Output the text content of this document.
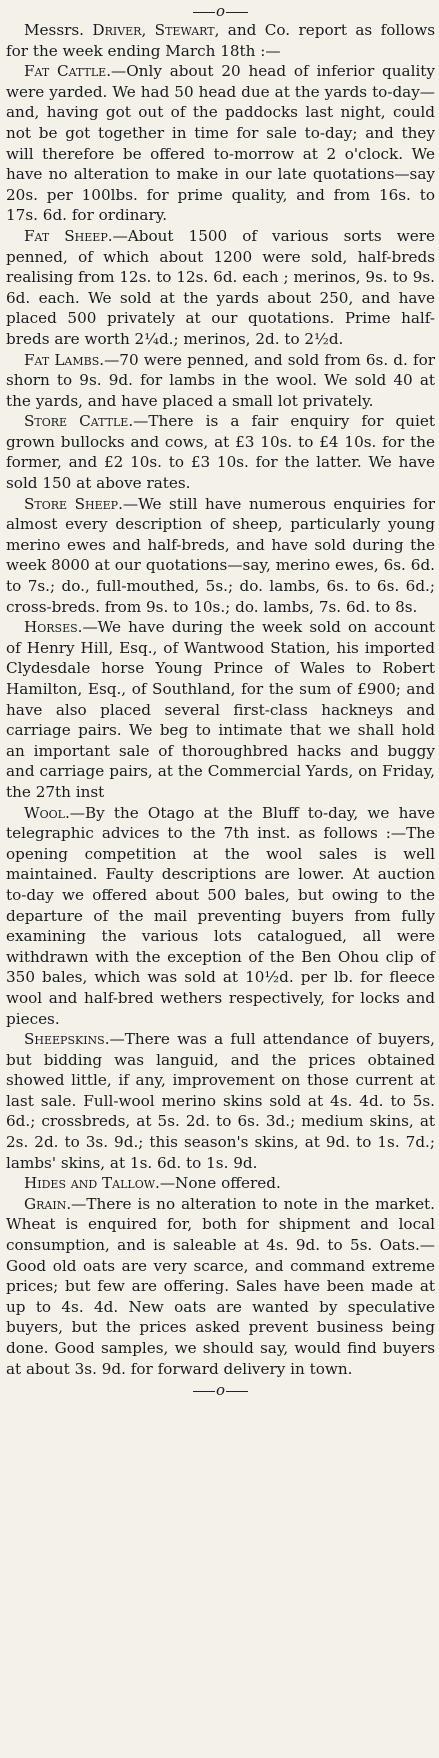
o

Messrs. Driver, Stewart, and Co. report as follows for the week ending March 18th :—

Fat Cattle.—Only about 20 head of inferior quality were yarded. We had 50 head due at the yards to-day—and, having got out of the paddocks last night, could not be got together in time for sale to-day; and they will therefore be offered to-morrow at 2 o'clock. We have no alteration to make in our late quotations—say 20s. per 100lbs. for prime quality, and from 16s. to 17s. 6d. for ordinary.

Fat Sheep.—About 1500 of various sorts were penned, of which about 1200 were sold, half-breds realising from 12s. to 12s. 6d. each ; merinos, 9s. to 9s. 6d. each. We sold at the yards about 250, and have placed 500 privately at our quotations. Prime half-breds are worth 2¼d.; merinos, 2d. to 2½d.

Fat Lambs.—70 were penned, and sold from 6s. d. for shorn to 9s. 9d. for lambs in the wool. We sold 40 at the yards, and have placed a small lot privately.

Store Cattle.—There is a fair enquiry for quiet grown bullocks and cows, at £3 10s. to £4 10s. for the former, and £2 10s. to £3 10s. for the latter. We have sold 150 at above rates.

Store Sheep.—We still have numerous enquiries for almost every description of sheep, particularly young merino ewes and half-breds, and have sold during the week 8000 at our quotations—say, merino ewes, 6s. 6d. to 7s.; do., full-mouthed, 5s.; do. lambs, 6s. to 6s. 6d.; cross-breds. from 9s. to 10s.; do. lambs, 7s. 6d. to 8s.

Horses.—We have during the week sold on account of Henry Hill, Esq., of Wantwood Station, his imported Clydesdale horse Young Prince of Wales to Robert Hamilton, Esq., of Southland, for the sum of £900; and have also placed several first-class hackneys and carriage pairs. We beg to intimate that we shall hold an important sale of thoroughbred hacks and buggy and carriage pairs, at the Commercial Yards, on Friday, the 27th inst

Wool.—By the Otago at the Bluff to-day, we have telegraphic advices to the 7th inst. as follows :—The opening competition at the wool sales is well maintained. Faulty descriptions are lower. At auction to-day we offered about 500 bales, but owing to the departure of the mail preventing buyers from fully examining the various lots catalogued, all were withdrawn with the exception of the Ben Ohou clip of 350 bales, which was sold at 10½d. per lb. for fleece wool and half-bred wethers respectively, for locks and pieces.

Sheepskins.—There was a full attendance of buyers, but bidding was languid, and the prices obtained showed little, if any, improvement on those current at last sale. Full-wool merino skins sold at 4s. 4d. to 5s. 6d.; crossbreds, at 5s. 2d. to 6s. 3d.; medium skins, at 2s. 2d. to 3s. 9d.; this season's skins, at 9d. to 1s. 7d.; lambs' skins, at 1s. 6d. to 1s. 9d.

Hides and Tallow.—None offered.

Grain.—There is no alteration to note in the market. Wheat is enquired for, both for shipment and local consumption, and is saleable at 4s. 9d. to 5s. Oats.—Good old oats are very scarce, and command extreme prices; but few are offering. Sales have been made at up to 4s. 4d. New oats are wanted by speculative buyers, but the prices asked prevent business being done. Good samples, we should say, would find buyers at about 3s. 9d. for forward delivery in town.

o
